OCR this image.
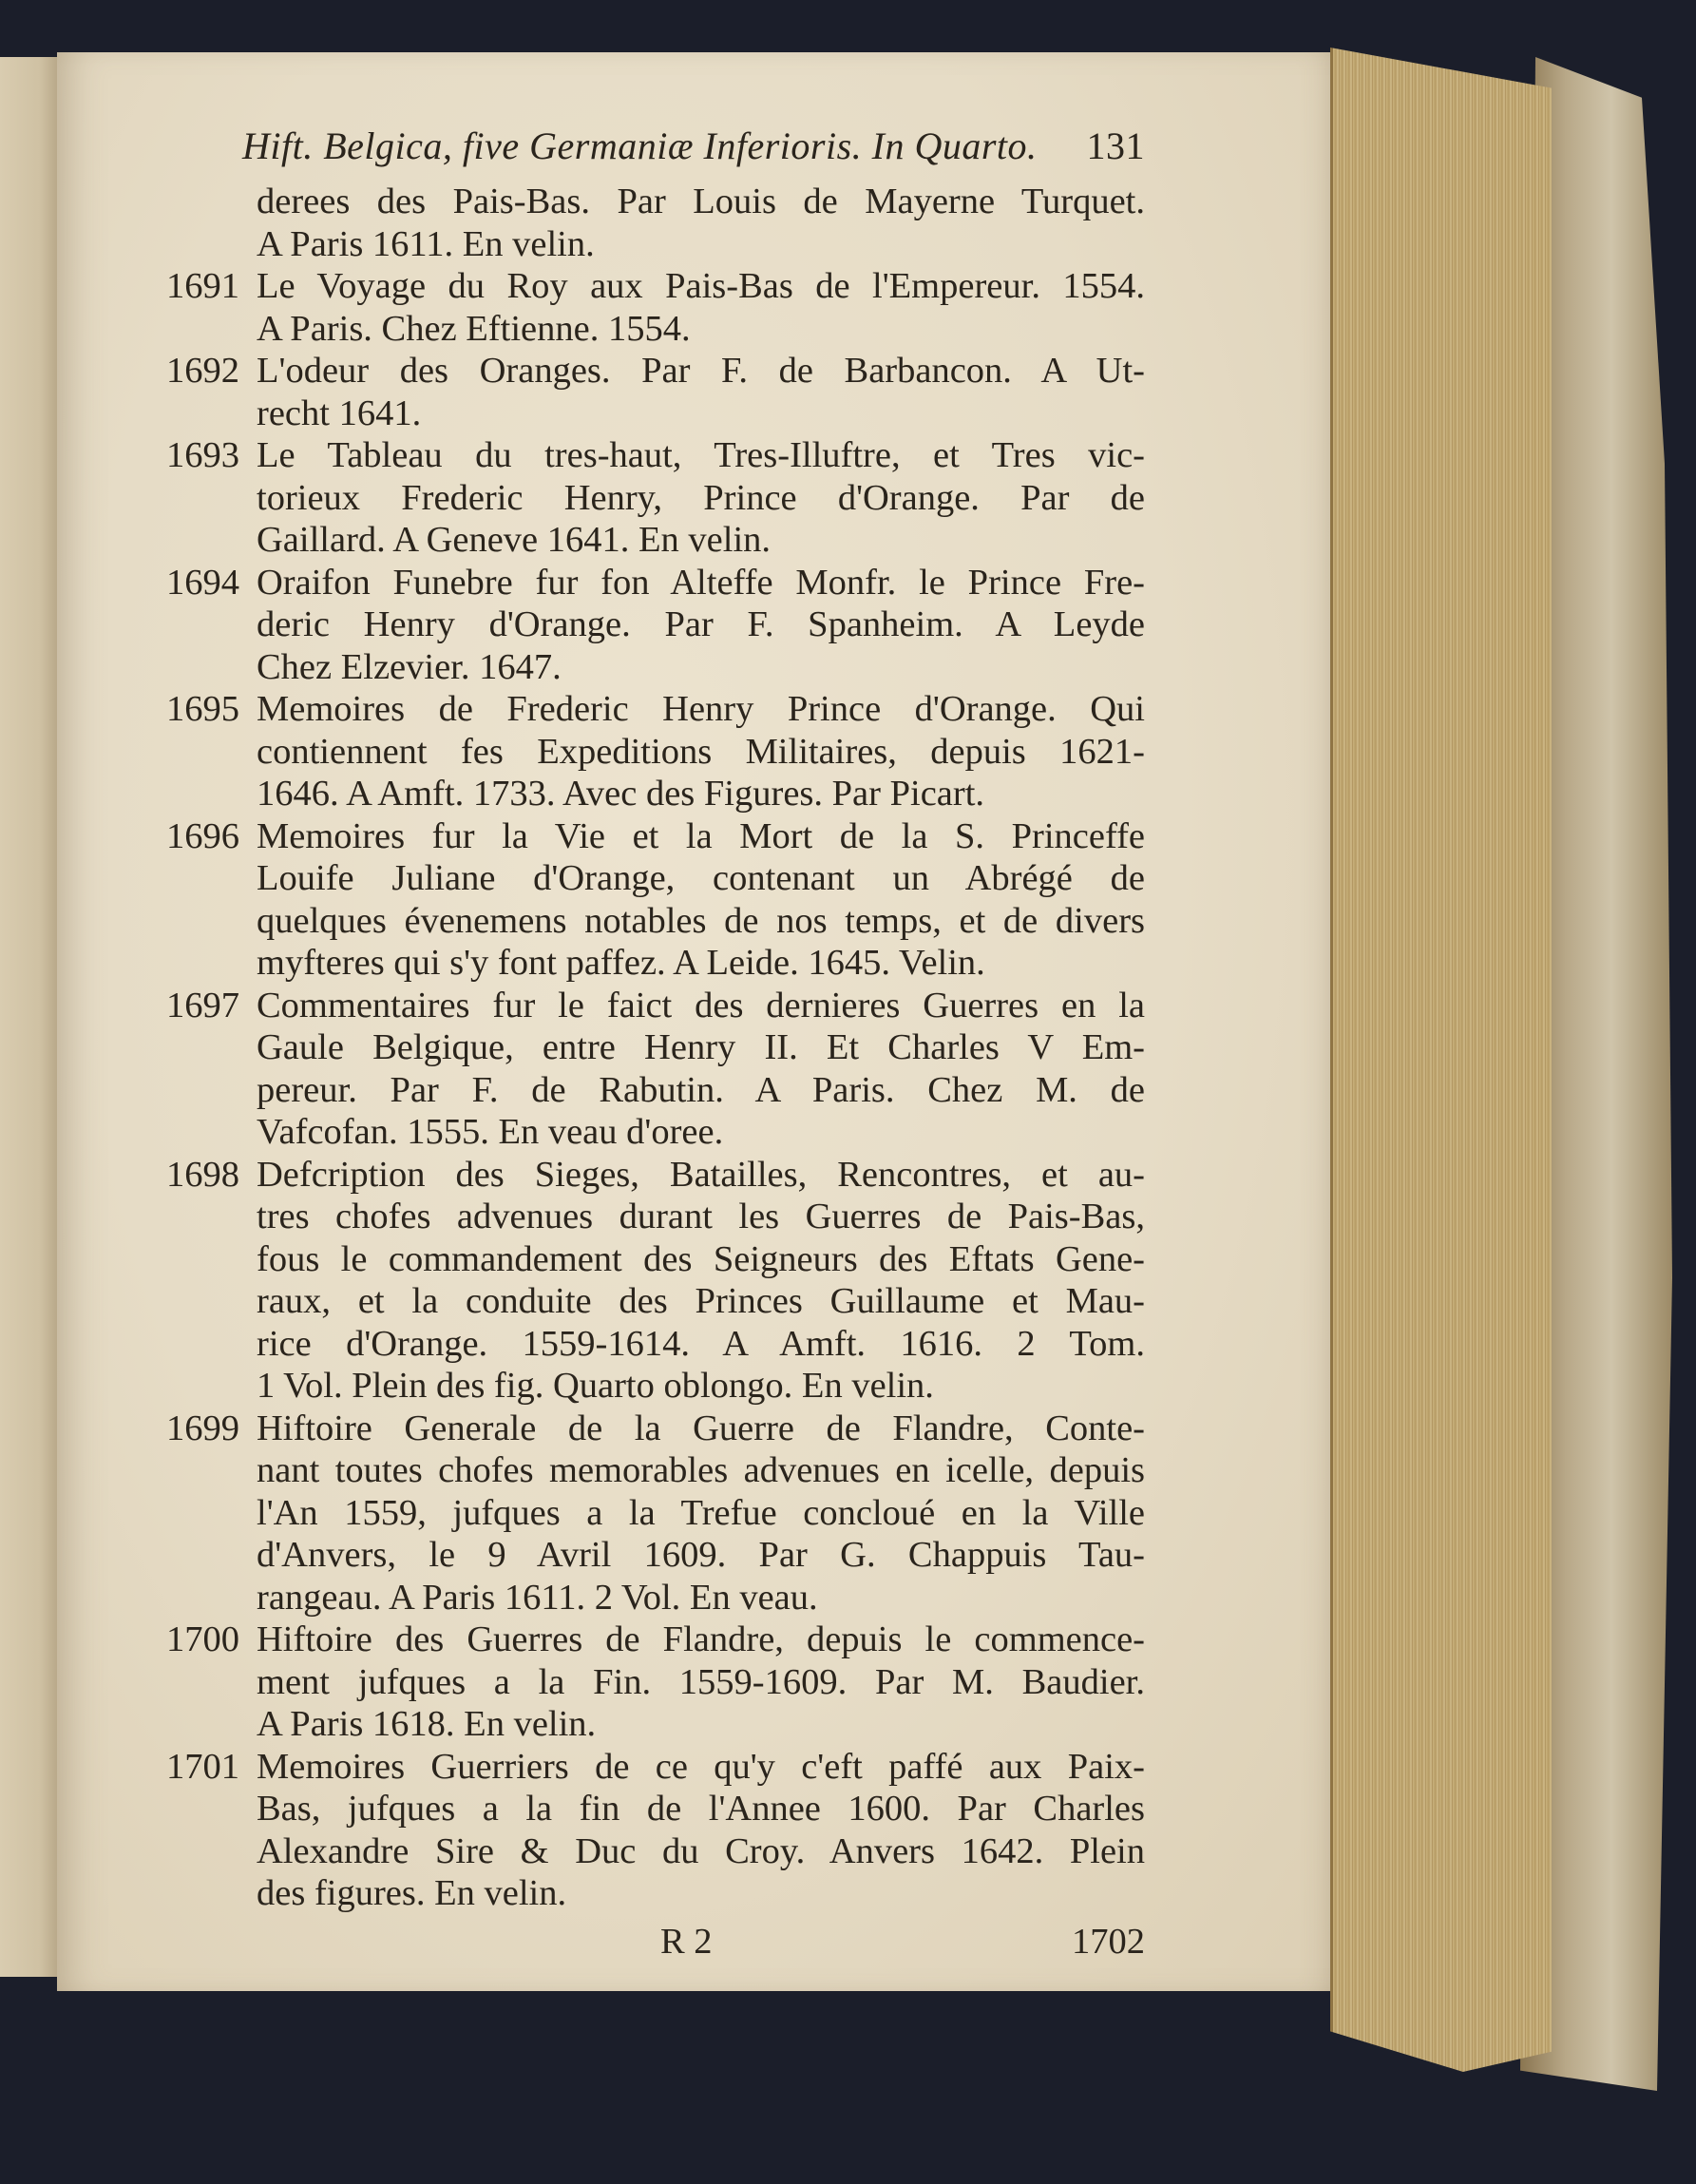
Hift. Belgica, five Germaniæ Inferioris. In Quarto. 131
derees des Pais-Bas. Par Louis de Mayerne Turquet.
A Paris 1611. En velin.
1691 Le Voyage du Roy aux Pais-Bas de l'Empereur. 1554.
A Paris. Chez Eftienne. 1554.
1692 L'odeur des Oranges. Par F. de Barbancon. A Ut-
recht 1641.
1693 Le Tableau du tres-haut, Tres-Illuftre, et Tres vic-
torieux Frederic Henry, Prince d'Orange. Par de
Gaillard. A Geneve 1641. En velin.
1694 Oraifon Funebre fur fon Alteffe Monfr. le Prince Fre-
deric Henry d'Orange. Par F. Spanheim. A Leyde
Chez Elzevier. 1647.
1695 Memoires de Frederic Henry Prince d'Orange. Qui
contiennent fes Expeditions Militaires, depuis 1621-
1646. A Amft. 1733. Avec des Figures. Par Picart.
1696 Memoires fur la Vie et la Mort de la S. Princeffe
Louife Juliane d'Orange, contenant un Abrégé de
quelques évenemens notables de nos temps, et de divers
myfteres qui s'y font paffez. A Leide. 1645. Velin.
1697 Commentaires fur le faict des dernieres Guerres en la
Gaule Belgique, entre Henry II. Et Charles V Em-
pereur. Par F. de Rabutin. A Paris. Chez M. de
Vafcofan. 1555. En veau d'oree.
1698 Defcription des Sieges, Batailles, Rencontres, et au-
tres chofes advenues durant les Guerres de Pais-Bas,
fous le commandement des Seigneurs des Eftats Gene-
raux, et la conduite des Princes Guillaume et Mau-
rice d'Orange. 1559-1614. A Amft. 1616. 2 Tom.
1 Vol. Plein des fig. Quarto oblongo. En velin.
1699 Hiftoire Generale de la Guerre de Flandre, Conte-
nant toutes chofes memorables advenues en icelle, depuis
l'An 1559, jufques a la Trefue concloué en la Ville
d'Anvers, le 9 Avril 1609. Par G. Chappuis Tau-
rangeau. A Paris 1611. 2 Vol. En veau.
1700 Hiftoire des Guerres de Flandre, depuis le commence-
ment jufques a la Fin. 1559-1609. Par M. Baudier.
A Paris 1618. En velin.
1701 Memoires Guerriers de ce qu'y c'eft paffé aux Paix-
Bas, jufques a la fin de l'Annee 1600. Par Charles
Alexandre Sire & Duc du Croy. Anvers 1642. Plein
des figures. En velin.
R 2	1702
